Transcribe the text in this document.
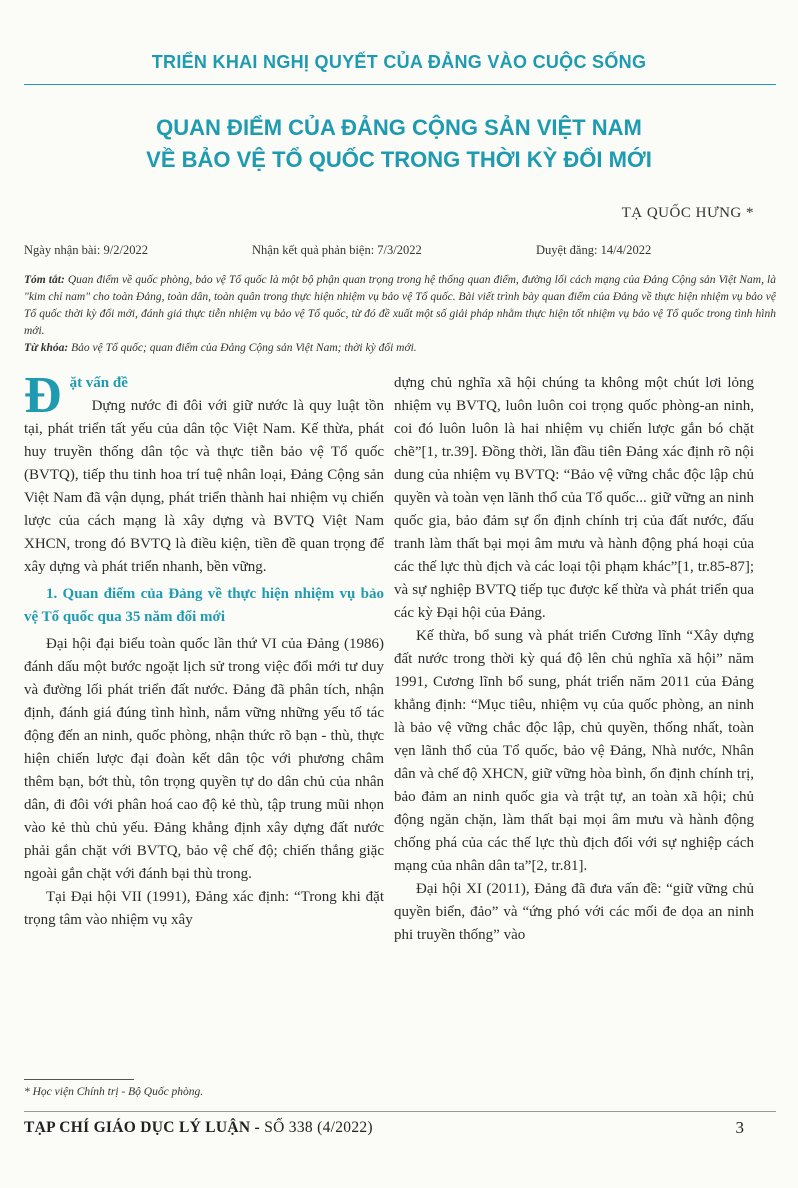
TRIỂN KHAI NGHỊ QUYẾT CỦA ĐẢNG VÀO CUỘC SỐNG
QUAN ĐIỂM CỦA ĐẢNG CỘNG SẢN VIỆT NAM
VỀ BẢO VỆ TỔ QUỐC TRONG THỜI KỲ ĐỔI MỚI
TẠ QUỐC HƯNG *
Ngày nhận bài: 9/2/2022	Nhận kết quả phản biện: 7/3/2022	Duyệt đăng: 14/4/2022

Tóm tắt: Quan điểm về quốc phòng, bảo vệ Tổ quốc là một bộ phận quan trọng trong hệ thống quan điểm, đường lối cách mạng của Đảng Cộng sản Việt Nam, là "kim chỉ nam" cho toàn Đảng, toàn dân, toàn quân trong thực hiện nhiệm vụ bảo vệ Tổ quốc. Bài viết trình bày quan điểm của Đảng về thực hiện nhiệm vụ bảo vệ Tổ quốc thời kỳ đổi mới, đánh giá thực tiễn nhiệm vụ bảo vệ Tổ quốc, từ đó đề xuất một số giải pháp nhằm thực hiện tốt nhiệm vụ bảo vệ Tổ quốc trong tình hình mới.

Từ khóa: Bảo vệ Tổ quốc; quan điểm của Đảng Cộng sản Việt Nam; thời kỳ đổi mới.

Đ ặt vấn đề

Dựng nước đi đôi với giữ nước là quy luật tồn tại, phát triển tất yếu của dân tộc Việt Nam. Kế thừa, phát huy truyền thống dân tộc và thực tiễn bảo vệ Tổ quốc (BVTQ), tiếp thu tinh hoa trí tuệ nhân loại, Đảng Cộng sản Việt Nam đã vận dụng, phát triển thành hai nhiệm vụ chiến lược của cách mạng là xây dựng và BVTQ Việt Nam XHCN, trong đó BVTQ là điều kiện, tiền đề quan trọng để xây dựng và phát triển nhanh, bền vững.

1. Quan điểm của Đảng về thực hiện nhiệm vụ bảo vệ Tổ quốc qua 35 năm đổi mới

Đại hội đại biểu toàn quốc lần thứ VI của Đảng (1986) đánh dấu một bước ngoặt lịch sử trong việc đổi mới tư duy và đường lối phát triển đất nước. Đảng đã phân tích, nhận định, đánh giá đúng tình hình, nắm vững những yếu tố tác động đến an ninh, quốc phòng, nhận thức rõ bạn - thù, thực hiện chiến lược đại đoàn kết dân tộc với phương châm thêm bạn, bớt thù, tôn trọng quyền tự do dân chủ của nhân dân, đi đôi với phân hoá cao độ kẻ thù, tập trung mũi nhọn vào kẻ thù chủ yếu. Đảng khẳng định xây dựng đất nước phải gắn chặt với BVTQ, bảo vệ chế độ; chiến thắng giặc ngoài gắn chặt với đánh bại thù trong.

Tại Đại hội VII (1991), Đảng xác định: “Trong khi đặt trọng tâm vào nhiệm vụ xây

dựng chủ nghĩa xã hội chúng ta không một chút lơi lỏng nhiệm vụ BVTQ, luôn luôn coi trọng quốc phòng-an ninh, coi đó luôn luôn là hai nhiệm vụ chiến lược gắn bó chặt chẽ”[1, tr.39]. Đồng thời, lần đầu tiên Đảng xác định rõ nội dung của nhiệm vụ BVTQ: “Bảo vệ vững chắc độc lập chủ quyền và toàn vẹn lãnh thổ của Tổ quốc... giữ vững an ninh quốc gia, bảo đảm sự ổn định chính trị của đất nước, đấu tranh làm thất bại mọi âm mưu và hành động phá hoại của các thế lực thù địch và các loại tội phạm khác”[1, tr.85-87]; và sự nghiệp BVTQ tiếp tục được kế thừa và phát triển qua các kỳ Đại hội của Đảng.

Kế thừa, bổ sung và phát triển Cương lĩnh “Xây dựng đất nước trong thời kỳ quá độ lên chủ nghĩa xã hội” năm 1991, Cương lĩnh bổ sung, phát triển năm 2011 của Đảng khẳng định: “Mục tiêu, nhiệm vụ của quốc phòng, an ninh là bảo vệ vững chắc độc lập, chủ quyền, thống nhất, toàn vẹn lãnh thổ của Tổ quốc, bảo vệ Đảng, Nhà nước, Nhân dân và chế độ XHCN, giữ vững hòa bình, ổn định chính trị, bảo đảm an ninh quốc gia và trật tự, an toàn xã hội; chủ động ngăn chặn, làm thất bại mọi âm mưu và hành động chống phá của các thế lực thù địch đối với sự nghiệp cách mạng của nhân dân ta”[2, tr.81].

Đại hội XI (2011), Đảng đã đưa vấn đề: “giữ vững chủ quyền biển, đảo” và “ứng phó với các mối đe dọa an ninh phi truyền thống” vào

* Học viện Chính trị - Bộ Quốc phòng.
TẠP CHÍ GIÁO DỤC LÝ LUẬN - SỐ 338 (4/2022)	3
